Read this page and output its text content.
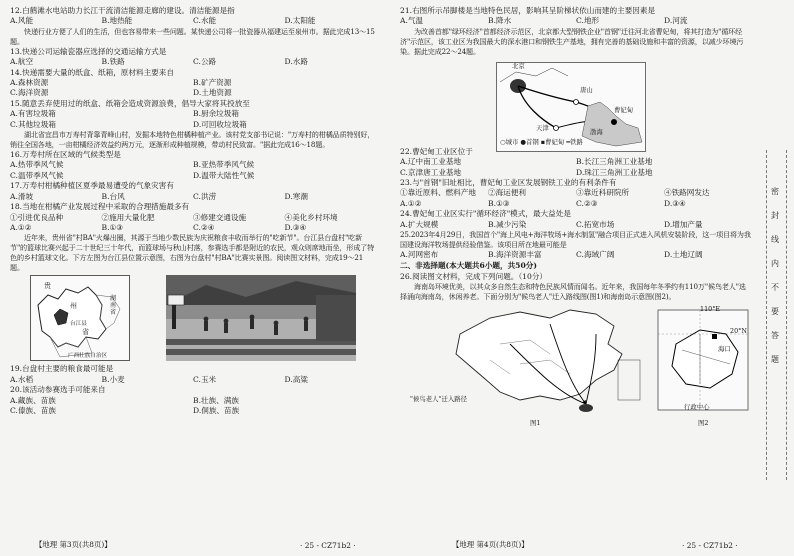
12.白鹤滩水电站助力长江干流清洁能源走廊的建设。清洁能源是指

A.风能	B.地热能	C.水能	D.太阳能

快递行业方便了人们的生活，但也容易带来一些问题。某快递公司将一批瓷器从福建运至泉州市。据此完成13～15题。

13.快递公司运输瓷器应选择的交通运输方式是

A.航空	B.铁路	C.公路	D.水路

14.快递需要大量的纸盒、纸箱，原材料主要来自

A.森林资源	B.矿产资源
C.海洋资源	D.土地资源

15.随意丢弃使用过的纸盒、纸箱会造成资源浪费，倡导大家将其投放至

A.有害垃圾箱	B.厨余垃圾箱
C.其他垃圾箱	D.可回收垃圾箱

湖北省宜昌市万寿村背靠青峰山村，发掘本地特色柑橘种植产业。该村党支部书记说："万寿村的柑橘品质特别好，销往全国各地，一亩柑橘经济效益约两万元，逐渐形成种植规模，带动村民致富。"据此完成16～18题。

16.万寿村所在区域的气候类型是

A.热带季风气候	B.亚热带季风气候
C.温带季风气候	D.温带大陆性气候

17.万寿村柑橘种植区夏季最易遭受的气象灾害有

A.滑坡	B.台风	C.洪涝	D.寒潮

18.当地在柑橘产业发展过程中采取的合理措施最多有

①引进优良品种	②施用大量化肥	③修建交通设施	④美化乡村环境
A.①②	B.①③	C.②④	D.③④

近年来，贵州省"村BA"火爆出圈，其源于当地少数民族为庆祝粮食丰收而举行的"吃新节"。台江县台盘村"吃新节"的篮球比赛兴起于二十世纪三十年代，而篮球场与秋山村落，参赛选手都是附近的农民，观众则席地而坐，形成了特色的乡村篮球文化。下方左图为台江县位置示意图，右图为台盘村"村BA"比赛实景图。阅读图文材料，完成19～21题。

贵
州
省
湖南省
台江县
广西壮族自治区

19.台盘村主要的粮食最可能是

A.水稻	B.小麦	C.玉米	D.高粱

20.该活动参赛选手可能来自

A.藏族、苗族	B.壮族、满族
C.傣族、苗族	D.侗族、苗族

21.右图所示吊脚楼是当地特色民居，影响其呈阶梯状依山而建的主要因素是

A.气温	B.降水	C.地形	D.河流

为改善首都"绿环经济"首都经济示范区，北京都大型钢铁企业"首钢"迁往河北省曹妃甸，将其打造为"循环经济"示范区，该工业区为我国最大的深水港口和钢铁生产基地，拥有完善的基础设施和丰富的资源，以减少环境污染。据此完成22～24题。

北京
天津
唐山
曹妃甸
渤海
○城市 ●首钢 ▪曹妃甸 ━铁路

22.曹妃甸工业区位于

A.辽中南工业基地	B.长江三角洲工业基地
C.京津唐工业基地	D.珠江三角洲工业基地

23.与"首钢"旧址相比，曹妃甸工业区发展钢铁工业的有利条件有

①靠近原料、燃料产地	②海运便利	③靠近科研院所	④铁路网发达
A.①②	B.①③	C.②③	D.③④

24.曹妃甸工业区实行"循环经济"模式，最大益处是

A.扩大规模	B.减少污染	C.拓宽市场	D.增加产量

25.2023年4月29日，我国首个"海上风电+海洋牧场+海水制氢"融合项目正式进入风机安装阶段，这一项目将为我国建设海洋牧场提供经验借鉴。该项目所在地最可能是

A.河网密布	B.海洋资源丰富	C.海域广阔	D.土地辽阔

二、非选择题(本大题共6小题，共50分)

26.阅读图文材料，完成下列问题。（10分）

海南岛环境优美，以其众多自然生态和特色民族风情而闻名。近年来，我国每年冬季约有110万"候鸟老人"选择涌向海南岛，休闲养老。下面分别为"候鸟老人"迁入路线图(图1)和海南岛示意图(图2)。

"候鸟老人"迁入路径
图1	图2
110°E
20°N
海口
行政中心
【地理 第3页(共8页)】	· 25 - CZ71b2 ·	【地理 第4页(共8页)】	· 25 - CZ71b2 ·
密
封
线
内
不
要
答
题
